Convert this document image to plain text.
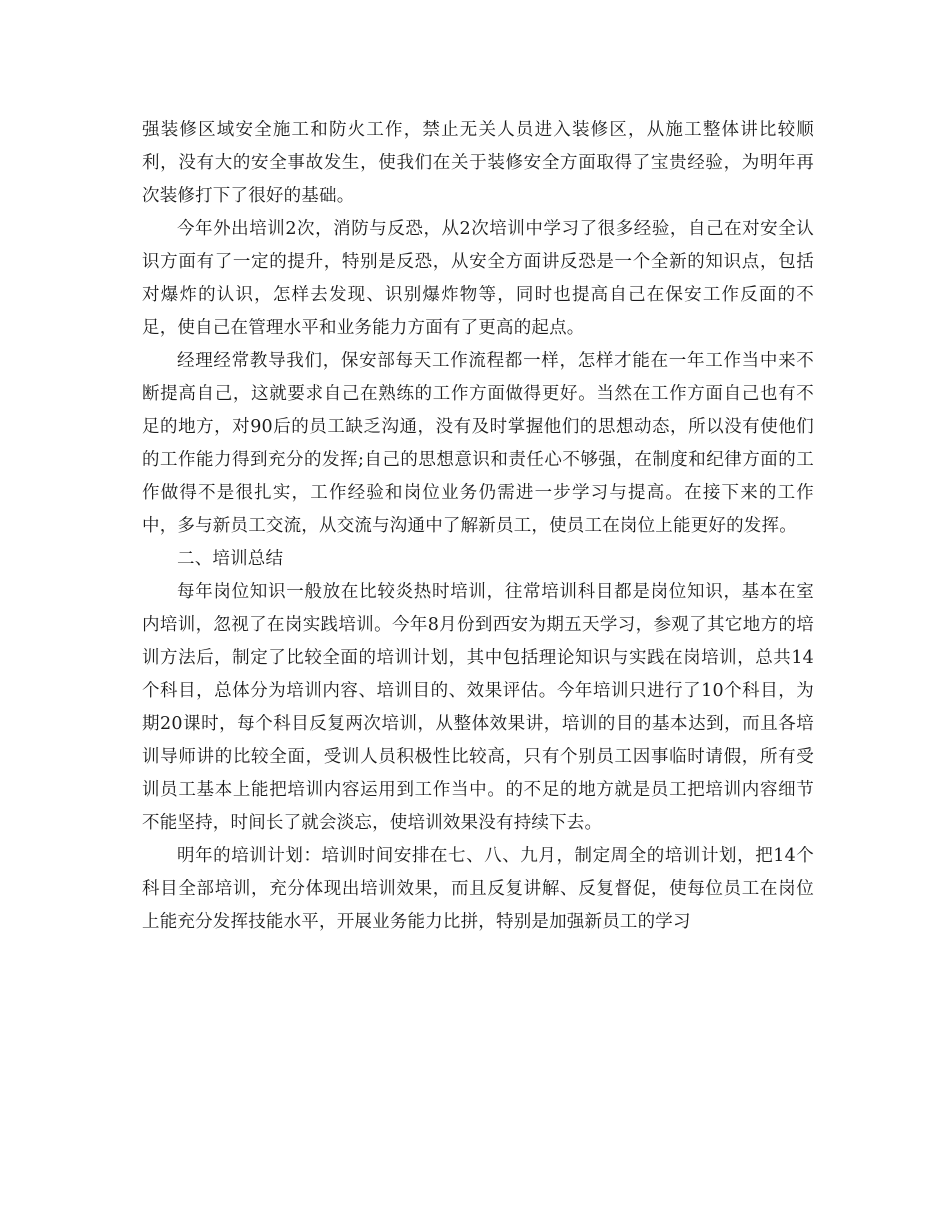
强装修区域安全施工和防火工作，禁止无关人员进入装修区，从施工整体讲比较顺利，没有大的安全事故发生，使我们在关于装修安全方面取得了宝贵经验，为明年再次装修打下了很好的基础。

今年外出培训2次，消防与反恐，从2次培训中学习了很多经验，自己在对安全认识方面有了一定的提升，特别是反恐，从安全方面讲反恐是一个全新的知识点，包括对爆炸的认识，怎样去发现、识别爆炸物等，同时也提高自己在保安工作反面的不足，使自己在管理水平和业务能力方面有了更高的起点。

经理经常教导我们，保安部每天工作流程都一样，怎样才能在一年工作当中来不断提高自己，这就要求自己在熟练的工作方面做得更好。当然在工作方面自己也有不足的地方，对90后的员工缺乏沟通，没有及时掌握他们的思想动态，所以没有使他们的工作能力得到充分的发挥;自己的思想意识和责任心不够强，在制度和纪律方面的工作做得不是很扎实，工作经验和岗位业务仍需进一步学习与提高。在接下来的工作中，多与新员工交流，从交流与沟通中了解新员工，使员工在岗位上能更好的发挥。

二、培训总结

每年岗位知识一般放在比较炎热时培训，往常培训科目都是岗位知识，基本在室内培训，忽视了在岗实践培训。今年8月份到西安为期五天学习，参观了其它地方的培训方法后，制定了比较全面的培训计划，其中包括理论知识与实践在岗培训，总共14个科目，总体分为培训内容、培训目的、效果评估。今年培训只进行了10个科目，为期20课时，每个科目反复两次培训，从整体效果讲，培训的目的基本达到，而且各培训导师讲的比较全面，受训人员积极性比较高，只有个别员工因事临时请假，所有受训员工基本上能把培训内容运用到工作当中。的不足的地方就是员工把培训内容细节不能坚持，时间长了就会淡忘，使培训效果没有持续下去。

明年的培训计划：培训时间安排在七、八、九月，制定周全的培训计划，把14个科目全部培训，充分体现出培训效果，而且反复讲解、反复督促，使每位员工在岗位上能充分发挥技能水平，开展业务能力比拼，特别是加强新员工的学习
